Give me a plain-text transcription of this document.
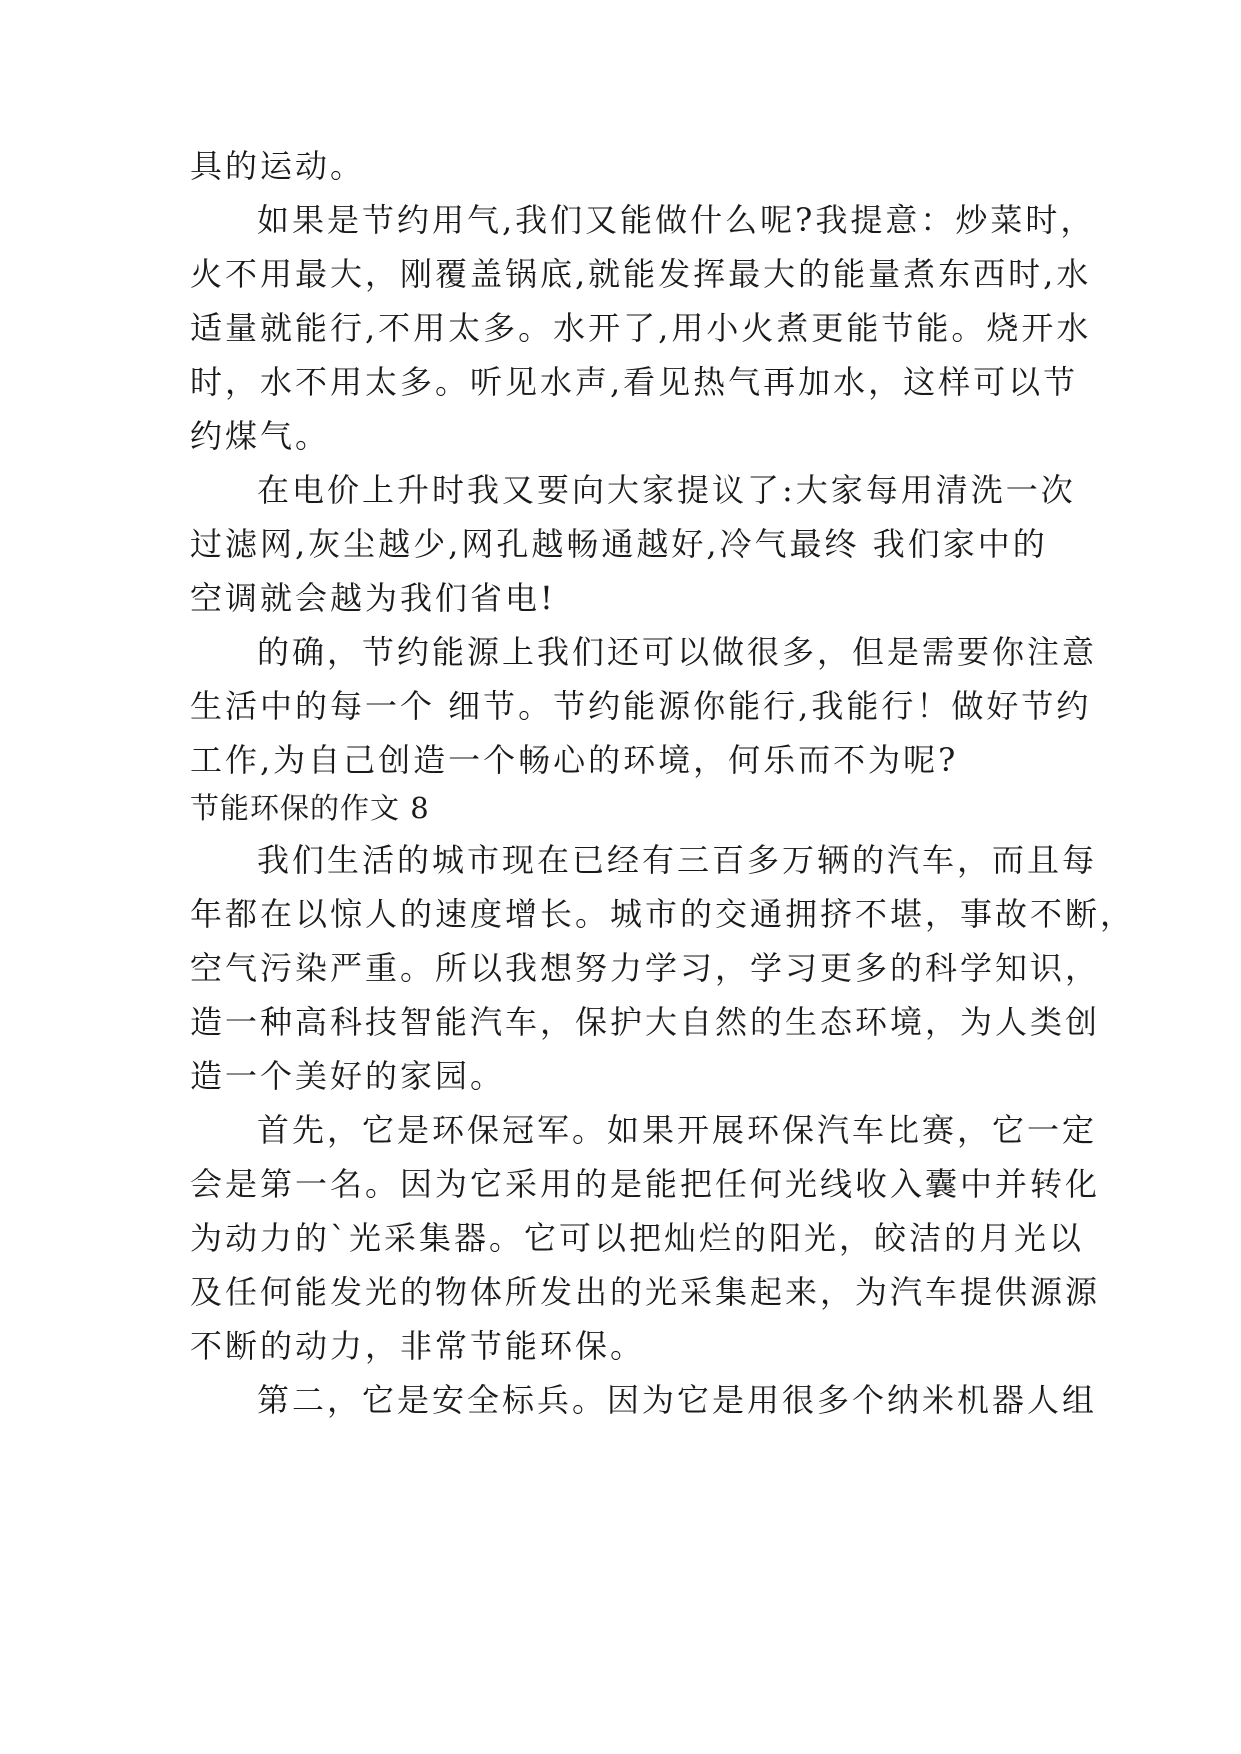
具的运动。
如果是节约用气,我们又能做什么呢?我提意：炒菜时，
火不用最大，刚覆盖锅底,就能发挥最大的能量煮东西时,水
适量就能行,不用太多。水开了,用小火煮更能节能。烧开水
时，水不用太多。听见水声,看见热气再加水，这样可以节
约煤气。
在电价上升时我又要向大家提议了:大家每用清洗一次
过滤网,灰尘越少,网孔越畅通越好,冷气最终 我们家中的
空调就会越为我们省电!
的确，节约能源上我们还可以做很多，但是需要你注意
生活中的每一个 细节。节约能源你能行,我能行！做好节约
工作,为自己创造一个畅心的环境，何乐而不为呢?
节能环保的作文 8
我们生活的城市现在已经有三百多万辆的汽车，而且每
年都在以惊人的速度增长。城市的交通拥挤不堪，事故不断，
空气污染严重。所以我想努力学习，学习更多的科学知识，
造一种高科技智能汽车，保护大自然的生态环境，为人类创
造一个美好的家园。
首先，它是环保冠军。如果开展环保汽车比赛，它一定
会是第一名。因为它采用的是能把任何光线收入囊中并转化
为动力的`光采集器。它可以把灿烂的阳光，皎洁的月光以
及任何能发光的物体所发出的光采集起来，为汽车提供源源
不断的动力，非常节能环保。
第二，它是安全标兵。因为它是用很多个纳米机器人组
